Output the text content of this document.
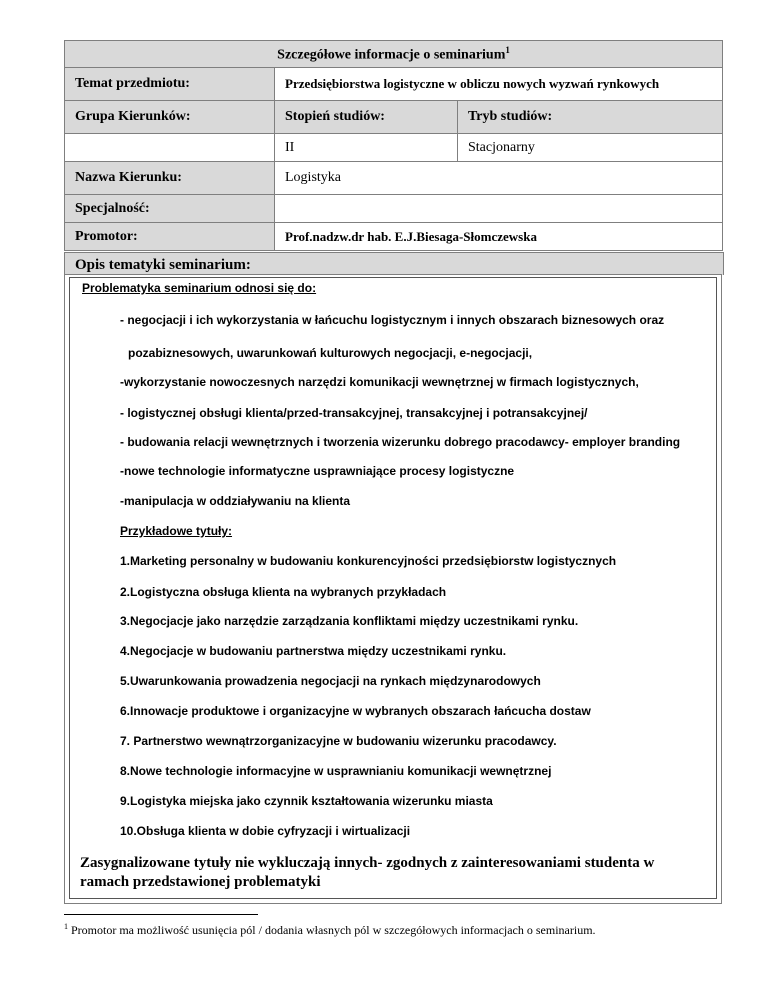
Szczegółowe informacje o seminarium$^1$
Temat przedmiotu:	Przedsiębiorstwa logistyczne w obliczu nowych wyzwań rynkowych	
Grupa Kierunków:	Stopień studiów:	Tryb studiów:
	II	Stacjonarny
Nazwa Kierunku:	Logistyka	
Specjalność:		
Promotor:	Prof.nadzw.dr hab. E.J.Biesaga-Słomczewska	
Opis tematyki seminarium:
Problematyka seminarium odnosi się do:
- negocjacji i ich wykorzystania w łańcuchu logistycznym i innych obszarach biznesowych oraz
pozabiznesowych, uwarunkowań kulturowych negocjacji, e-negocjacji,
-wykorzystanie nowoczesnych narzędzi komunikacji wewnętrznej w firmach logistycznych,
- logistycznej obsługi klienta/przed-transakcyjnej, transakcyjnej i potransakcyjnej/
- budowania relacji wewnętrznych i tworzenia wizerunku dobrego pracodawcy- employer branding
-nowe technologie informatyczne usprawniające procesy logistyczne
-manipulacja w oddziaływaniu na klienta
Przykładowe tytuły:
1.Marketing personalny w budowaniu konkurencyjności przedsiębiorstw logistycznych
2.Logistyczna obsługa klienta na wybranych przykładach
3.Negocjacje jako narzędzie zarządzania konfliktami między uczestnikami rynku.
4.Negocjacje w budowaniu partnerstwa między uczestnikami rynku.
5.Uwarunkowania prowadzenia negocjacji na rynkach międzynarodowych
6.Innowacje produktowe i organizacyjne w wybranych obszarach łańcucha dostaw
7. Partnerstwo wewnątrzorganizacyjne w budowaniu wizerunku pracodawcy.
8.Nowe technologie informacyjne w usprawnianiu komunikacji wewnętrznej
9.Logistyka miejska jako czynnik kształtowania wizerunku miasta
10.Obsługa klienta w dobie cyfryzacji i wirtualizacji
Zasygnalizowane tytuły nie wykluczają innych- zgodnych z zainteresowaniami studenta w ramach przedstawionej problematyki
$^1$ Promotor ma możliwość usunięcia pól / dodania własnych pól w szczegółowych informacjach o seminarium.
